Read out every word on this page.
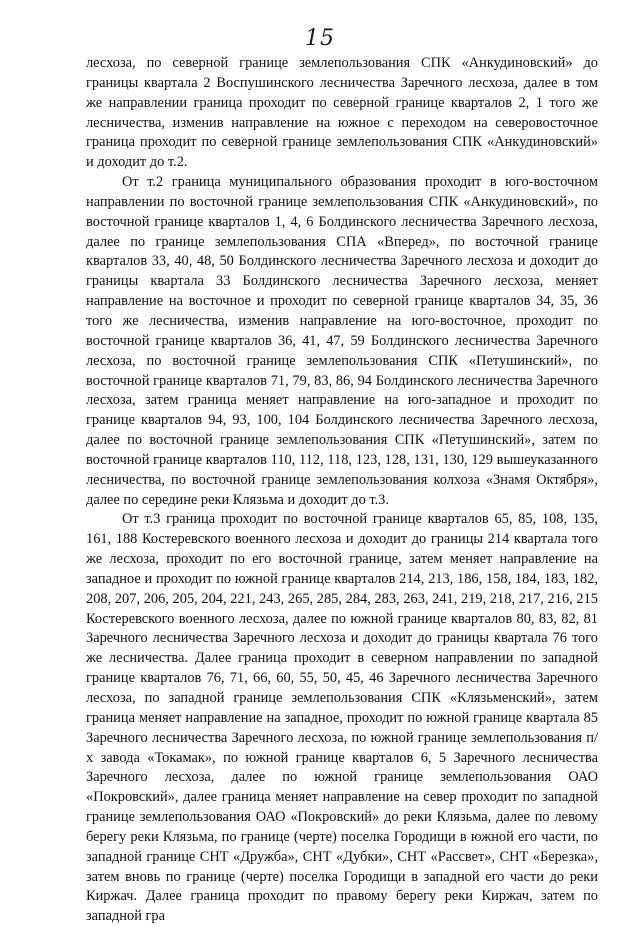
15

лесхоза, по северной границе землепользования СПК «Анкудиновский» до границы квартала 2 Воспушинского лесничества Заречного лесхоза, далее в том же направлении граница проходит по северной границе кварталов 2, 1 того же лесничества, изменив направление на южное с переходом на северовосточное граница проходит по северной границе землепользования СПК «Анкудиновский» и доходит до т.2.

От т.2 граница муниципального образования проходит в юго-восточном направлении по восточной границе землепользования СПК «Анкудиновский», по восточной границе кварталов 1, 4, 6 Болдинского лесничества Заречного лесхоза, далее по границе землепользования СПА «Вперед», по восточной границе кварталов 33, 40, 48, 50 Болдинского лесничества Заречного лесхоза и доходит до границы квартала 33 Болдинского лесничества Заречного лесхоза, меняет направление на восточное и проходит по северной границе кварталов 34, 35, 36 того же лесничества, изменив направление на юго-восточное, проходит по восточной границе кварталов 36, 41, 47, 59 Болдинского лесничества Заречного лесхоза, по восточной границе землепользования СПК «Петушинский», по восточной границе кварталов 71, 79, 83, 86, 94 Болдинского лесничества Заречного лесхоза, затем граница меняет направление на юго-западное и проходит по границе кварталов 94, 93, 100, 104 Болдинского лесничества Заречного лесхоза, далее по восточной границе землепользования СПК «Петушинский», затем по восточной границе кварталов 110, 112, 118, 123, 128, 131, 130, 129 вышеуказанного лесничества, по восточной границе землепользования колхоза «Знамя Октября», далее по середине реки Клязьма и доходит до т.3.

От т.3 граница проходит по восточной границе кварталов 65, 85, 108, 135, 161, 188 Костеревского военного лесхоза и доходит до границы 214 квартала того же лесхоза, проходит по его восточной границе, затем меняет направление на западное и проходит по южной границе кварталов 214, 213, 186, 158, 184, 183, 182, 208, 207, 206, 205, 204, 221, 243, 265, 285, 284, 283, 263, 241, 219, 218, 217, 216, 215 Костеревского военного лесхоза, далее по южной границе кварталов 80, 83, 82, 81 Заречного лесничества Заречного лесхоза и доходит до границы квартала 76 того же лесничества. Далее граница проходит в северном направлении по западной границе кварталов 76, 71, 66, 60, 55, 50, 45, 46 Заречного лесничества Заречного лесхоза, по западной границе землепользования СПК «Клязьменский», затем граница меняет направление на западное, проходит по южной границе квартала 85 Заречного лесничества Заречного лесхоза, по южной границе землепользования п/х завода «Токамак», по южной границе кварталов 6, 5 Заречного лесничества Заречного лесхоза, далее по южной границе землепользования ОАО «Покровский», далее граница меняет направление на север проходит по западной границе землепользования ОАО «Покровский» до реки Клязьма, далее по левому берегу реки Клязьма, по границе (черте) поселка Городищи в южной его части, по западной границе СНТ «Дружба», СНТ «Дубки», СНТ «Рассвет», СНТ «Березка», затем вновь по границе (черте) поселка Городищи в западной его части до реки Киржач. Далее граница проходит по правому берегу реки Киржач, затем по западной гра
